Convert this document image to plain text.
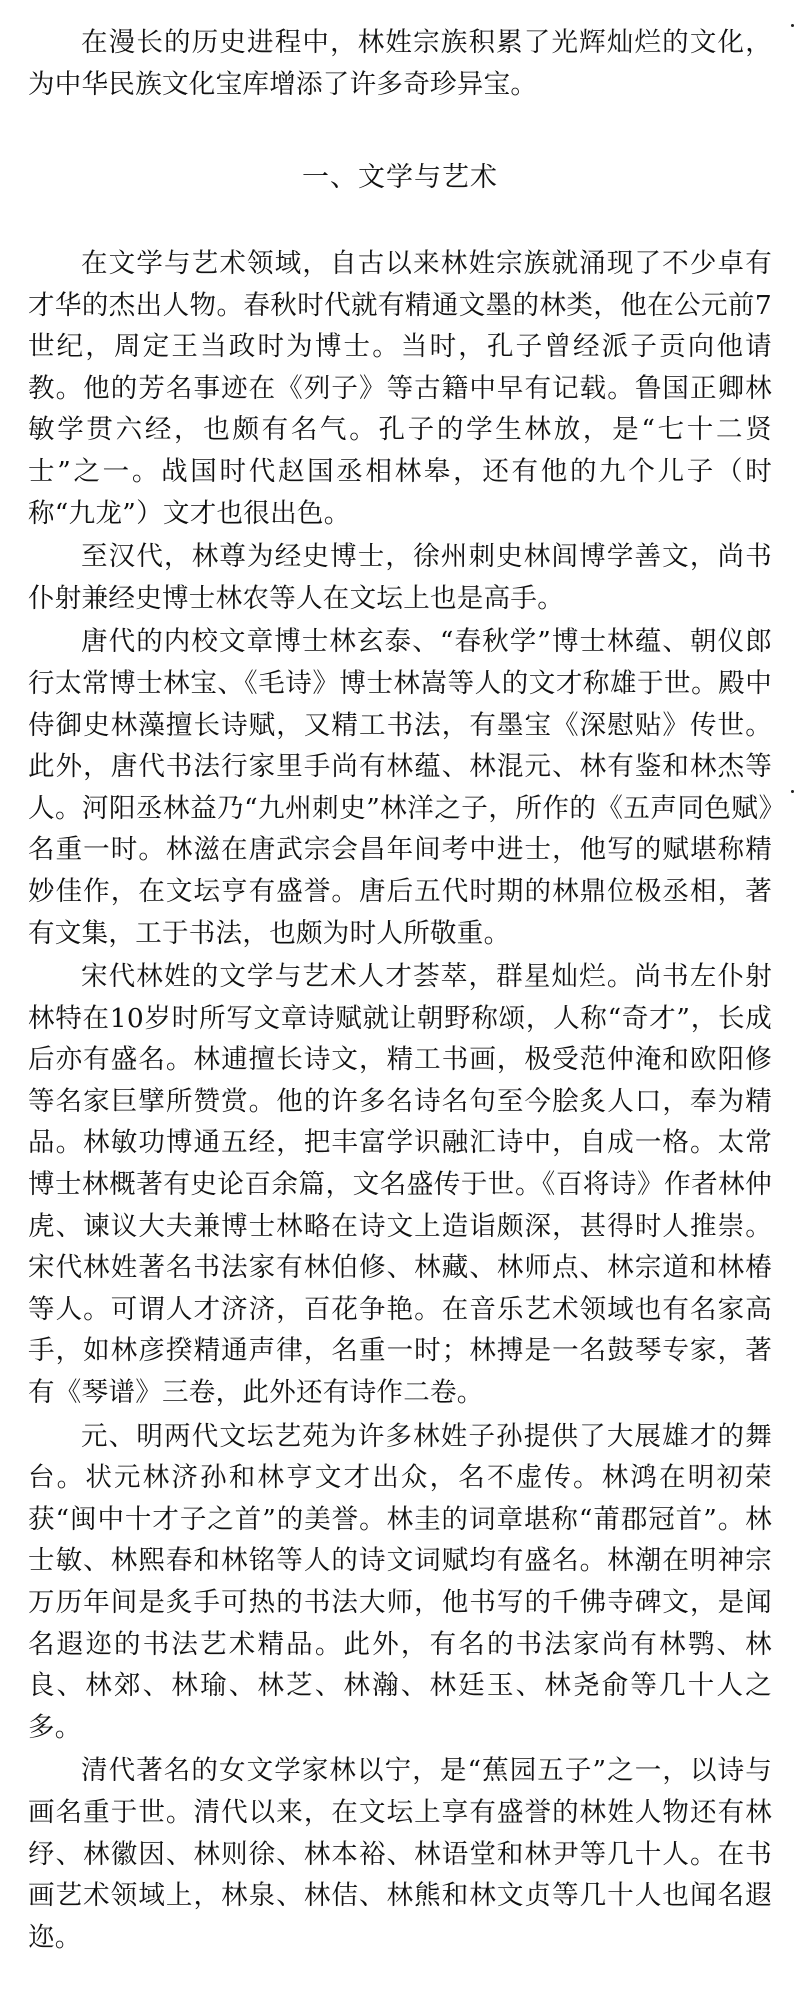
在漫长的历史进程中，林姓宗族积累了光辉灿烂的文化，为中华民族文化宝库增添了许多奇珍异宝。

一、文学与艺术

在文学与艺术领域，自古以来林姓宗族就涌现了不少卓有才华的杰出人物。春秋时代就有精通文墨的林类，他在公元前7世纪，周定王当政时为博士。当时，孔子曾经派子贡向他请教。他的芳名事迹在《列子》等古籍中早有记载。鲁国正卿林敏学贯六经，也颇有名气。孔子的学生林放，是“七十二贤士”之一。战国时代赵国丞相林皋，还有他的九个儿子（时称“九龙”）文才也很出色。

至汉代，林尊为经史博士，徐州刺史林闾博学善文，尚书仆射兼经史博士林农等人在文坛上也是高手。

唐代的内校文章博士林玄泰、“春秋学”博士林蕴、朝仪郎行太常博士林宝、《毛诗》博士林嵩等人的文才称雄于世。殿中侍御史林藻擅长诗赋，又精工书法，有墨宝《深慰贴》传世。此外，唐代书法行家里手尚有林蕴、林混元、林有鉴和林杰等人。河阳丞林益乃“九州刺史”林洋之子，所作的《五声同色赋》名重一时。林滋在唐武宗会昌年间考中进士，他写的赋堪称精妙佳作，在文坛亨有盛誉。唐后五代时期的林鼎位极丞相，著有文集，工于书法，也颇为时人所敬重。

宋代林姓的文学与艺术人才荟萃，群星灿烂。尚书左仆射林特在10岁时所写文章诗赋就让朝野称颂，人称“奇才”，长成后亦有盛名。林逋擅长诗文，精工书画，极受范仲淹和欧阳修等名家巨擘所赞赏。他的许多名诗名句至今脍炙人口，奉为精品。林敏功博通五经，把丰富学识融汇诗中，自成一格。太常博士林概著有史论百余篇，文名盛传于世。《百将诗》作者林仲虎、谏议大夫兼博士林略在诗文上造诣颇深，甚得时人推崇。宋代林姓著名书法家有林伯修、林藏、林师点、林宗道和林椿等人。可谓人才济济，百花争艳。在音乐艺术领域也有名家高手，如林彦揆精通声律，名重一时；林搏是一名鼓琴专家，著有《琴谱》三卷，此外还有诗作二卷。

元、明两代文坛艺苑为许多林姓子孙提供了大展雄才的舞台。状元林济孙和林亨文才出众，名不虚传。林鸿在明初荣获“闽中十才子之首”的美誉。林圭的词章堪称“莆郡冠首”。林士敏、林熙春和林铭等人的诗文词赋均有盛名。林潮在明神宗万历年间是炙手可热的书法大师，他书写的千佛寺碑文，是闻名遐迩的书法艺术精品。此外，有名的书法家尚有林鹗、林良、林郊、林瑜、林芝、林瀚、林廷玉、林尧俞等几十人之多。

清代著名的女文学家林以宁，是“蕉园五子”之一，以诗与画名重于世。清代以来，在文坛上享有盛誉的林姓人物还有林纾、林徽因、林则徐、林本裕、林语堂和林尹等几十人。在书画艺术领域上，林泉、林佶、林熊和林文贞等几十人也闻名遐迩。
